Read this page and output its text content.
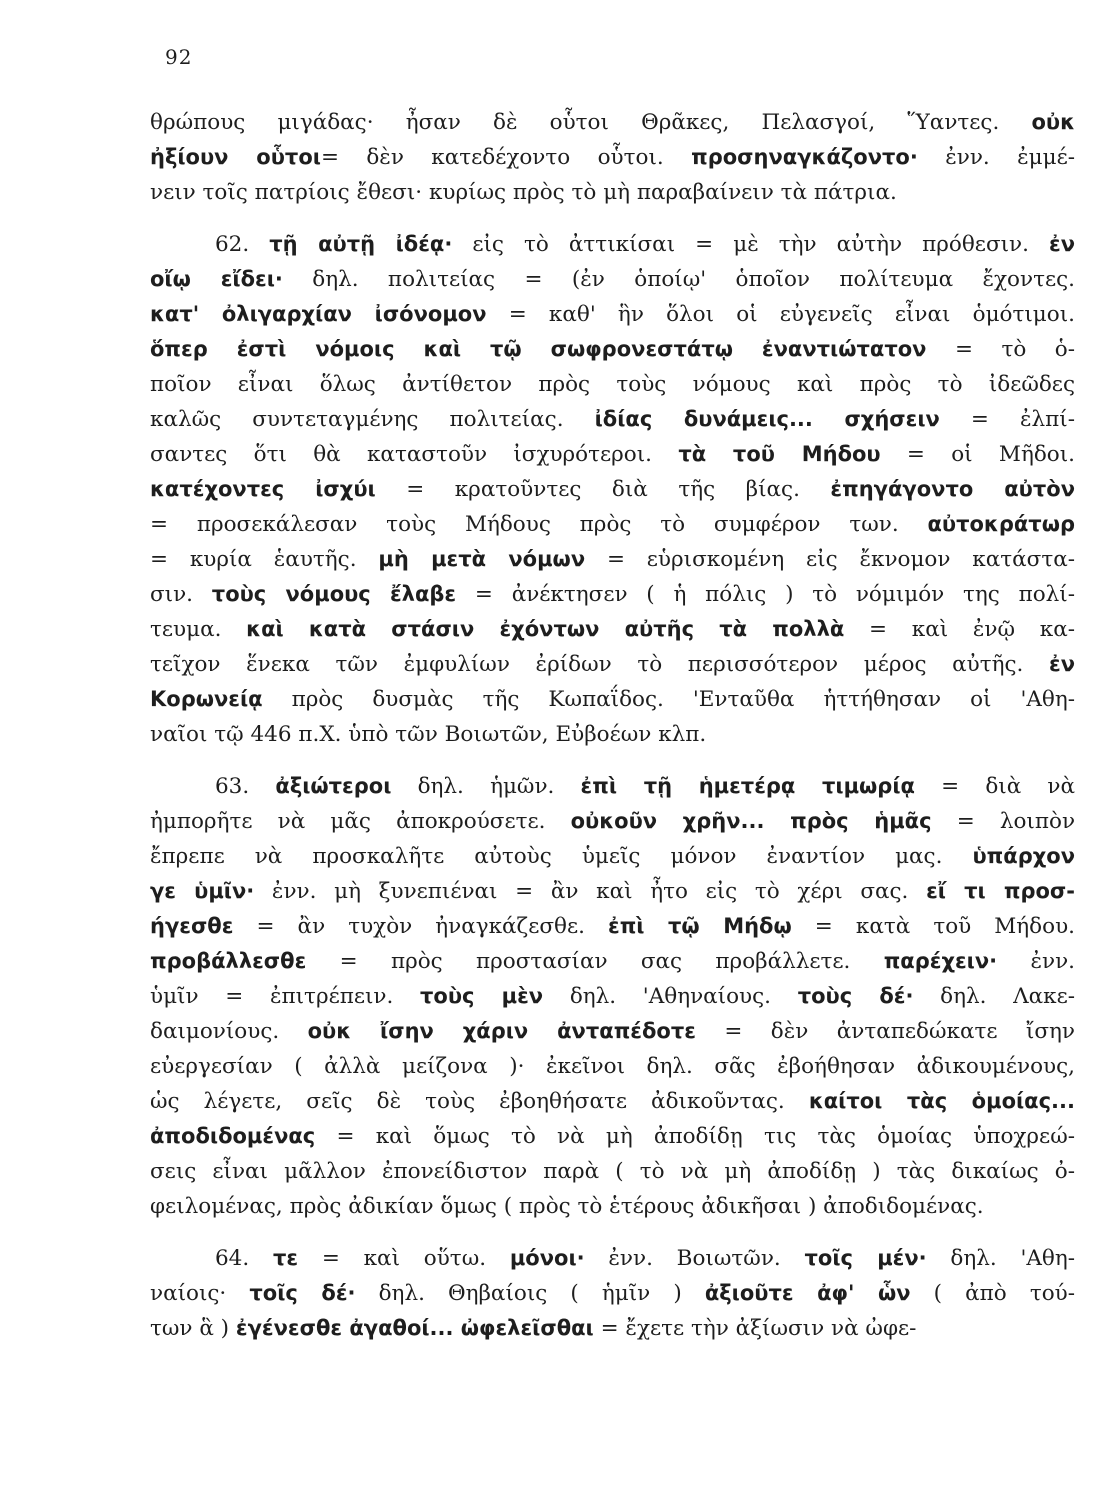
92
θρώπους μιγάδας· ἦσαν δὲ οὗτοι Θρᾶκες, Πελασγοί, Ὕαντες. οὐκ
ἠξίουν οὗτοι= δὲν κατεδέχοντο οὗτοι. προσηναγκάζοντο· ἐνν. ἐμμέ-
νειν τοῖς πατρίοις ἔθεσι· κυρίως πρὸς τὸ μὴ παραβαίνειν τὰ πάτρια.
62. τῇ αὐτῇ ἰδέᾳ· εἰς τὸ ἀττικίσαι = μὲ τὴν αὐτὴν πρόθεσιν. ἐν
οἴῳ εἴδει· δηλ. πολιτείας = (ἐν ὁποίῳ' ὁποῖον πολίτευμα ἔχοντες.
κατ' ὀλιγαρχίαν ἰσόνομον = καθ' ἣν ὅλοι οἱ εὐγενεῖς εἶναι ὁμότιμοι.
ὅπερ ἐστὶ νόμοις καὶ τῷ σωφρονεστάτῳ ἐναντιώτατον = τὸ ὁ-
ποῖον εἶναι ὅλως ἀντίθετον πρὸς τοὺς νόμους καὶ πρὸς τὸ ἰδεῶδες
καλῶς συντεταγμένης πολιτείας. ἰδίας δυνάμεις... σχήσειν = ἐλπί-
σαντες ὅτι θὰ καταστοῦν ἰσχυρότεροι. τὰ τοῦ Μήδου = οἱ Μῆδοι.
κατέχοντες ἰσχύι = κρατοῦντες διὰ τῆς βίας. ἐπηγάγοντο αὐτὸν
= προσεκάλεσαν τοὺς Μήδους πρὸς τὸ συμφέρον των. αὐτοκράτωρ
= κυρία ἑαυτῆς. μὴ μετὰ νόμων = εὑρισκομένη εἰς ἔκνομον κατάστα-
σιν. τοὺς νόμους ἔλαβε = ἀνέκτησεν ( ἡ πόλις ) τὸ νόμιμόν της πολί-
τευμα. καὶ κατὰ στάσιν ἐχόντων αὐτῆς τὰ πολλὰ = καὶ ἐνῷ κα-
τεῖχον ἕνεκα τῶν ἐμφυλίων ἐρίδων τὸ περισσότερον μέρος αὐτῆς. ἐν
Κορωνείᾳ πρὸς δυσμὰς τῆς Κωπαΐδος. 'Ενταῦθα ἡττήθησαν οἱ 'Αθη-
ναῖοι τῷ 446 π.Χ. ὑπὸ τῶν Βοιωτῶν, Εὐβοέων κλπ.
63. ἀξιώτεροι δηλ. ἡμῶν. ἐπὶ τῇ ἡμετέρᾳ τιμωρίᾳ = διὰ νὰ
ἠμπορῆτε νὰ μᾶς ἀποκρούσετε. οὐκοῦν χρῆν... πρὸς ἡμᾶς = λοιπὸν
ἔπρεπε νὰ προσκαλῆτε αὐτοὺς ὑμεῖς μόνον ἐναντίον μας. ὑπάρχον
γε ὑμῖν· ἐνν. μὴ ξυνεπιέναι = ἂν καὶ ἦτο εἰς τὸ χέρι σας. εἴ τι προσ-
ήγεσθε = ἂν τυχὸν ἠναγκάζεσθε. ἐπὶ τῷ Μήδῳ = κατὰ τοῦ Μήδου.
προβάλλεσθε = πρὸς προστασίαν σας προβάλλετε. παρέχειν· ἐνν.
ὑμῖν = ἐπιτρέπειν. τοὺς μὲν δηλ. 'Αθηναίους. τοὺς δέ· δηλ. Λακε-
δαιμονίους. οὐκ ἴσην χάριν ἀνταπέδοτε = δὲν ἀνταπεδώκατε ἴσην
εὐεργεσίαν ( ἀλλὰ μείζονα )· ἐκεῖνοι δηλ. σᾶς ἐβοήθησαν ἀδικουμένους,
ὡς λέγετε, σεῖς δὲ τοὺς ἐβοηθήσατε ἀδικοῦντας. καίτοι τὰς ὁμοίας...
ἀποδιδομένας = καὶ ὅμως τὸ νὰ μὴ ἀποδίδῃ τις τὰς ὁμοίας ὑποχρεώ-
σεις εἶναι μᾶλλον ἐπονείδιστον παρὰ ( τὸ νὰ μὴ ἀποδίδῃ ) τὰς δικαίως ὀ-
φειλομένας, πρὸς ἀδικίαν ὅμως ( πρὸς τὸ ἑτέρους ἀδικῆσαι ) ἀποδιδομένας.
64. τε = καὶ οὕτω. μόνοι· ἐνν. Βοιωτῶν. τοῖς μέν· δηλ. 'Αθη-
ναίοις· τοῖς δέ· δηλ. Θηβαίοις ( ἡμῖν ) ἀξιοῦτε ἀφ' ὧν ( ἀπὸ τού-
των ἃ ) ἐγένεσθε ἀγαθοί... ὠφελεῖσθαι = ἔχετε τὴν ἀξίωσιν νὰ ὠφε-
